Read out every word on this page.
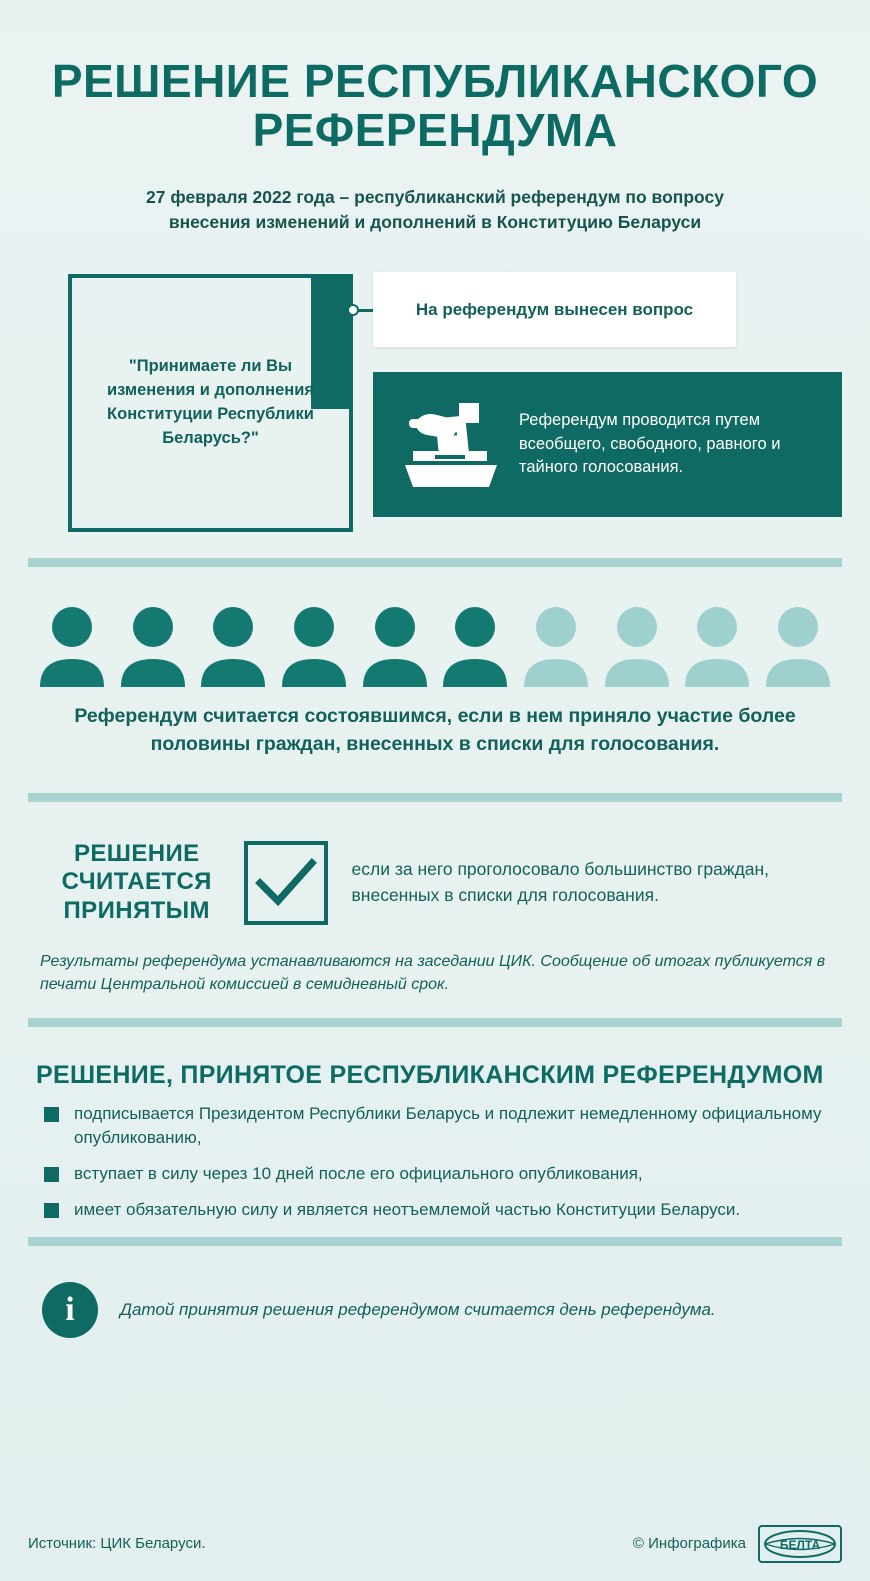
РЕШЕНИЕ РЕСПУБЛИКАНСКОГО РЕФЕРЕНДУМА
27 февраля 2022 года – республиканский референдум по вопросу внесения изменений и дополнений в Конституцию Беларуси
"Принимаете ли Вы изменения и дополнения Конституции Республики Беларусь?"
На референдум вынесен вопрос
Референдум проводится путем всеобщего, свободного, равного и тайного голосования.
Референдум считается состоявшимся, если в нем приняло участие более половины граждан, внесенных в списки для голосования.
РЕШЕНИЕ СЧИТАЕТСЯ ПРИНЯТЫМ
если за него проголосовало большинство граждан, внесенных в списки для голосования.
Результаты референдума устанавливаются на заседании ЦИК. Сообщение об итогах публикуется в печати Центральной комиссией в семидневный срок.
РЕШЕНИЕ, ПРИНЯТОЕ РЕСПУБЛИКАНСКИМ РЕФЕРЕНДУМОМ
подписывается Президентом Республики Беларусь и подлежит немедленному официальному опубликованию,
вступает в силу через 10 дней после его официального опубликования,
имеет обязательную силу и является неотъемлемой частью Конституции Беларуси.
i	Датой принятия решения референдумом считается день референдума.
Источник: ЦИК Беларуси.	© Инфографика	БЕЛТА
